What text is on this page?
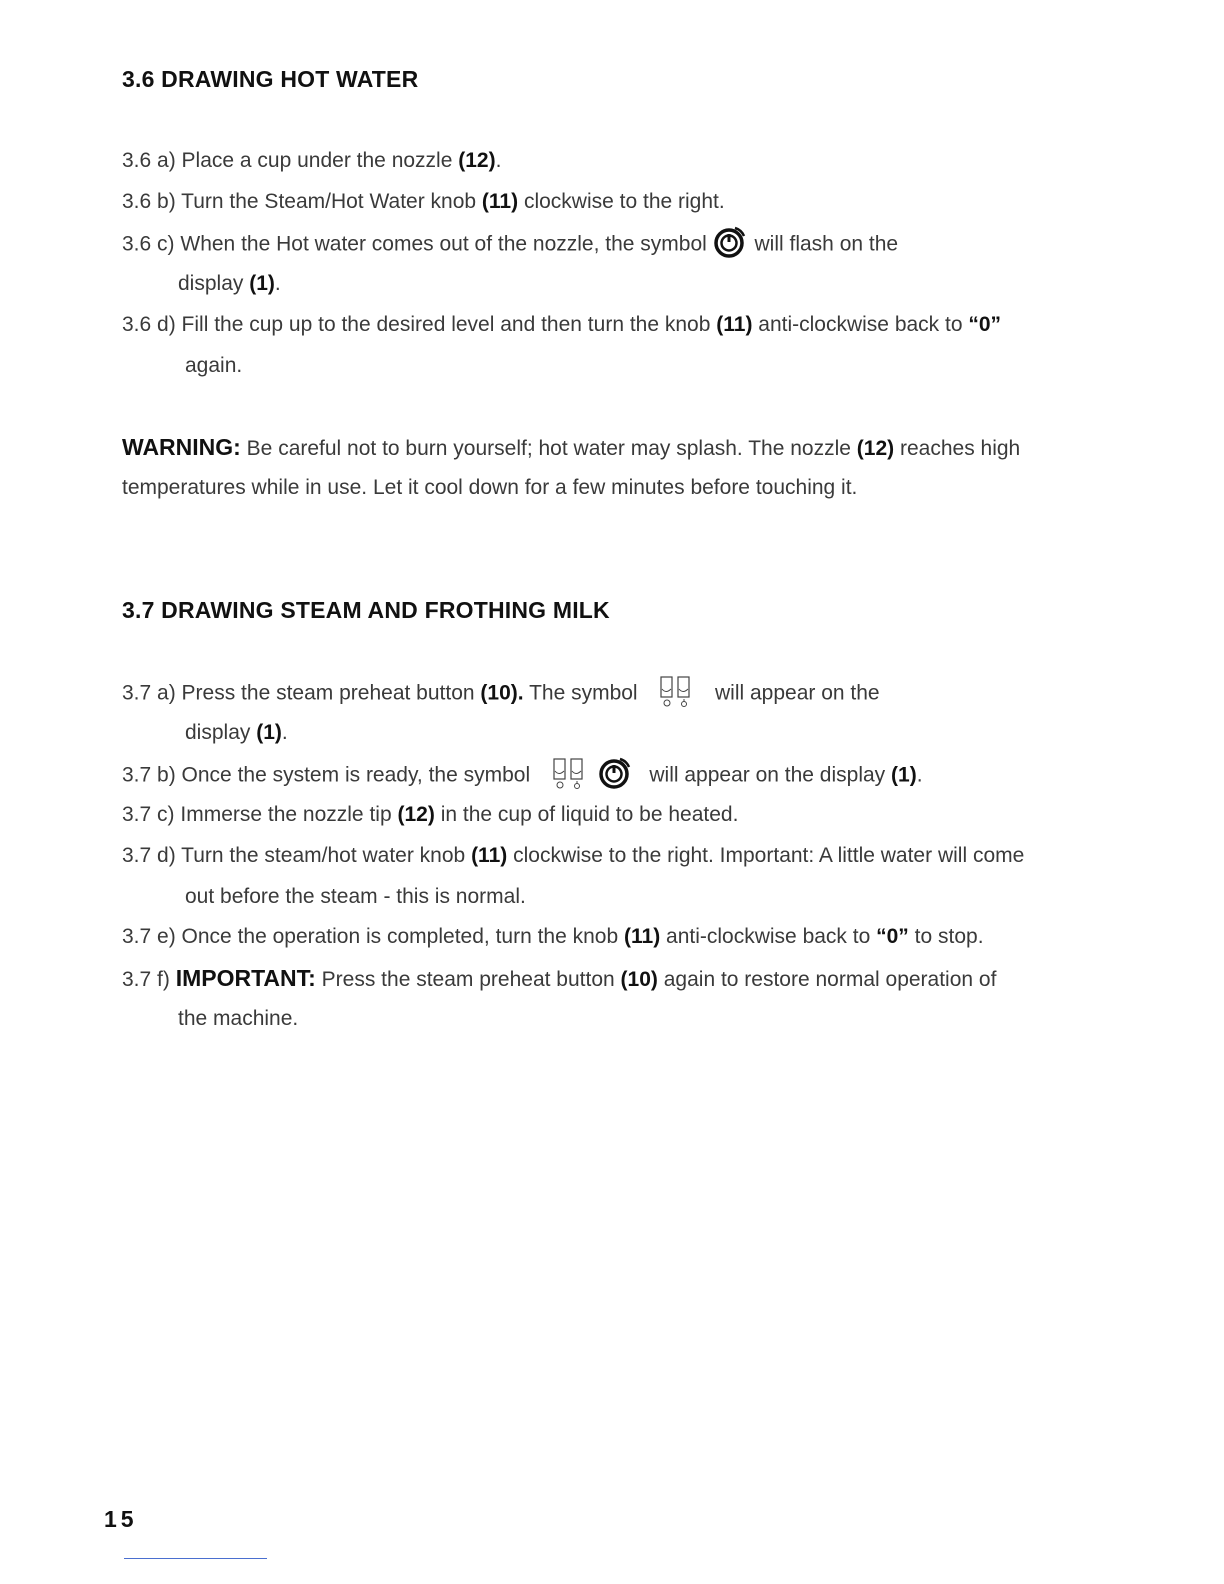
3.6 DRAWING HOT WATER

3.6 a) Place a cup under the nozzle (12).

3.6 b) Turn the Steam/Hot Water knob (11) clockwise to the right.

3.6 c) When the Hot water comes out of the nozzle, the symbol will flash on the

display (1).

3.6 d) Fill the cup up to the desired level and then turn the knob (11) anti-clockwise back to “0”

again.

WARNING: Be careful not to burn yourself; hot water may splash. The nozzle (12) reaches high

temperatures while in use. Let it cool down for a few minutes before touching it.

3.7 DRAWING STEAM AND FROTHING MILK

3.7 a) Press the steam preheat button (10). The symbol	will appear on the

display (1).

3.7 b) Once the system is ready, the symbol
	will appear on the display (1).

3.7 c) Immerse the nozzle tip (12) in the cup of liquid to be heated.

3.7 d) Turn the steam/hot water knob (11) clockwise to the right. Important: A little water will come

out before the steam - this is normal.

3.7 e) Once the operation is completed, turn the knob (11) anti-clockwise back to “0” to stop.

3.7 f) IMPORTANT: Press the steam preheat button (10) again to restore normal operation of

the machine.

15
